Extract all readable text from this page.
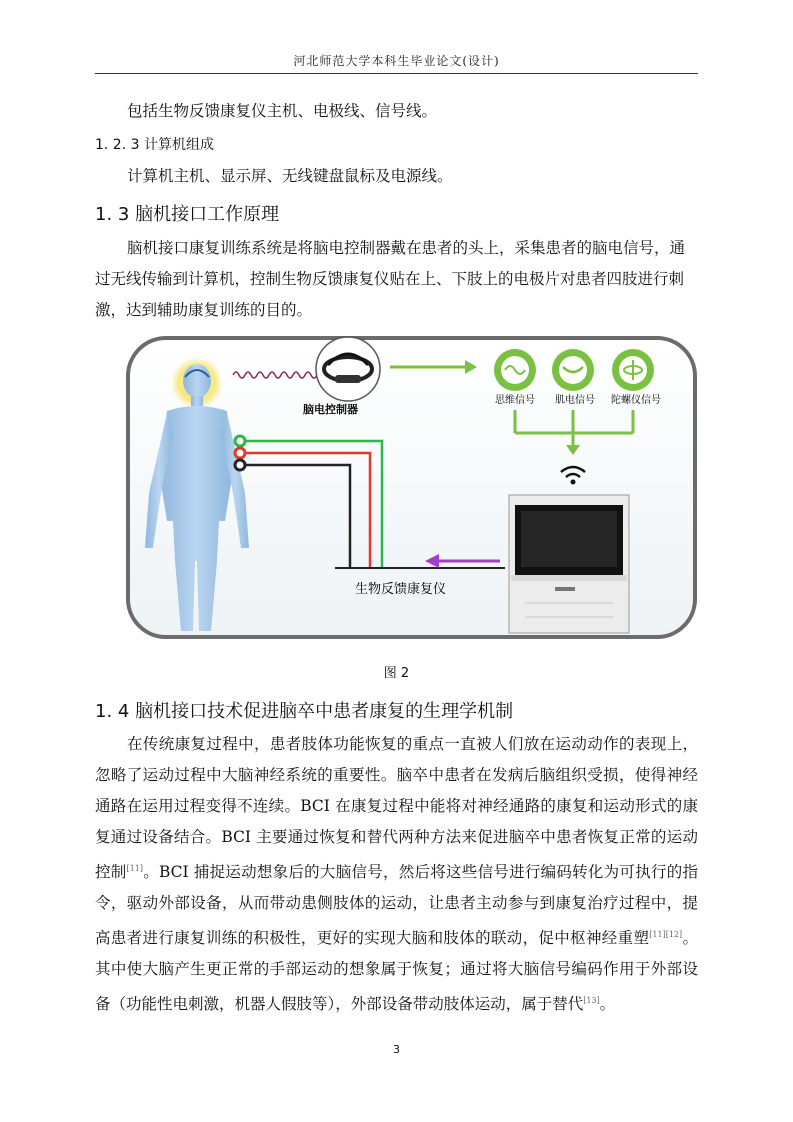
河北师范大学本科生毕业论文(设计)
包括生物反馈康复仪主机、电极线、信号线。
1. 2. 3 计算机组成
计算机主机、显示屏、无线键盘鼠标及电源线。
1. 3 脑机接口工作原理
脑机接口康复训练系统是将脑电控制器戴在患者的头上，采集患者的脑电信号，通
过无线传输到计算机，控制生物反馈康复仪贴在上、下肢上的电极片对患者四肢进行刺
激，达到辅助康复训练的目的。
生物反馈康复仪
脑电控制器
思维信号 肌电信号 陀螺仪信号
图 2
1. 4 脑机接口技术促进脑卒中患者康复的生理学机制

在传统康复过程中，患者肢体功能恢复的重点一直被人们放在运动动作的表现上，忽略了运动过程中大脑神经系统的重要性。脑卒中患者在发病后脑组织受损，使得神经通路在运用过程变得不连续。BCI 在康复过程中能将对神经通路的康复和运动形式的康复通过设备结合。BCI 主要通过恢复和替代两种方法来促进脑卒中患者恢复正常的运动控制[11]。BCI 捕捉运动想象后的大脑信号，然后将这些信号进行编码转化为可执行的指令，驱动外部设备，从而带动患侧肢体的运动，让患者主动参与到康复治疗过程中，提高患者进行康复训练的积极性，更好的实现大脑和肢体的联动，促中枢神经重塑[11][12]。其中使大脑产生更正常的手部运动的想象属于恢复；通过将大脑信号编码作用于外部设备（功能性电刺激，机器人假肢等），外部设备带动肢体运动，属于替代[13]。

3
